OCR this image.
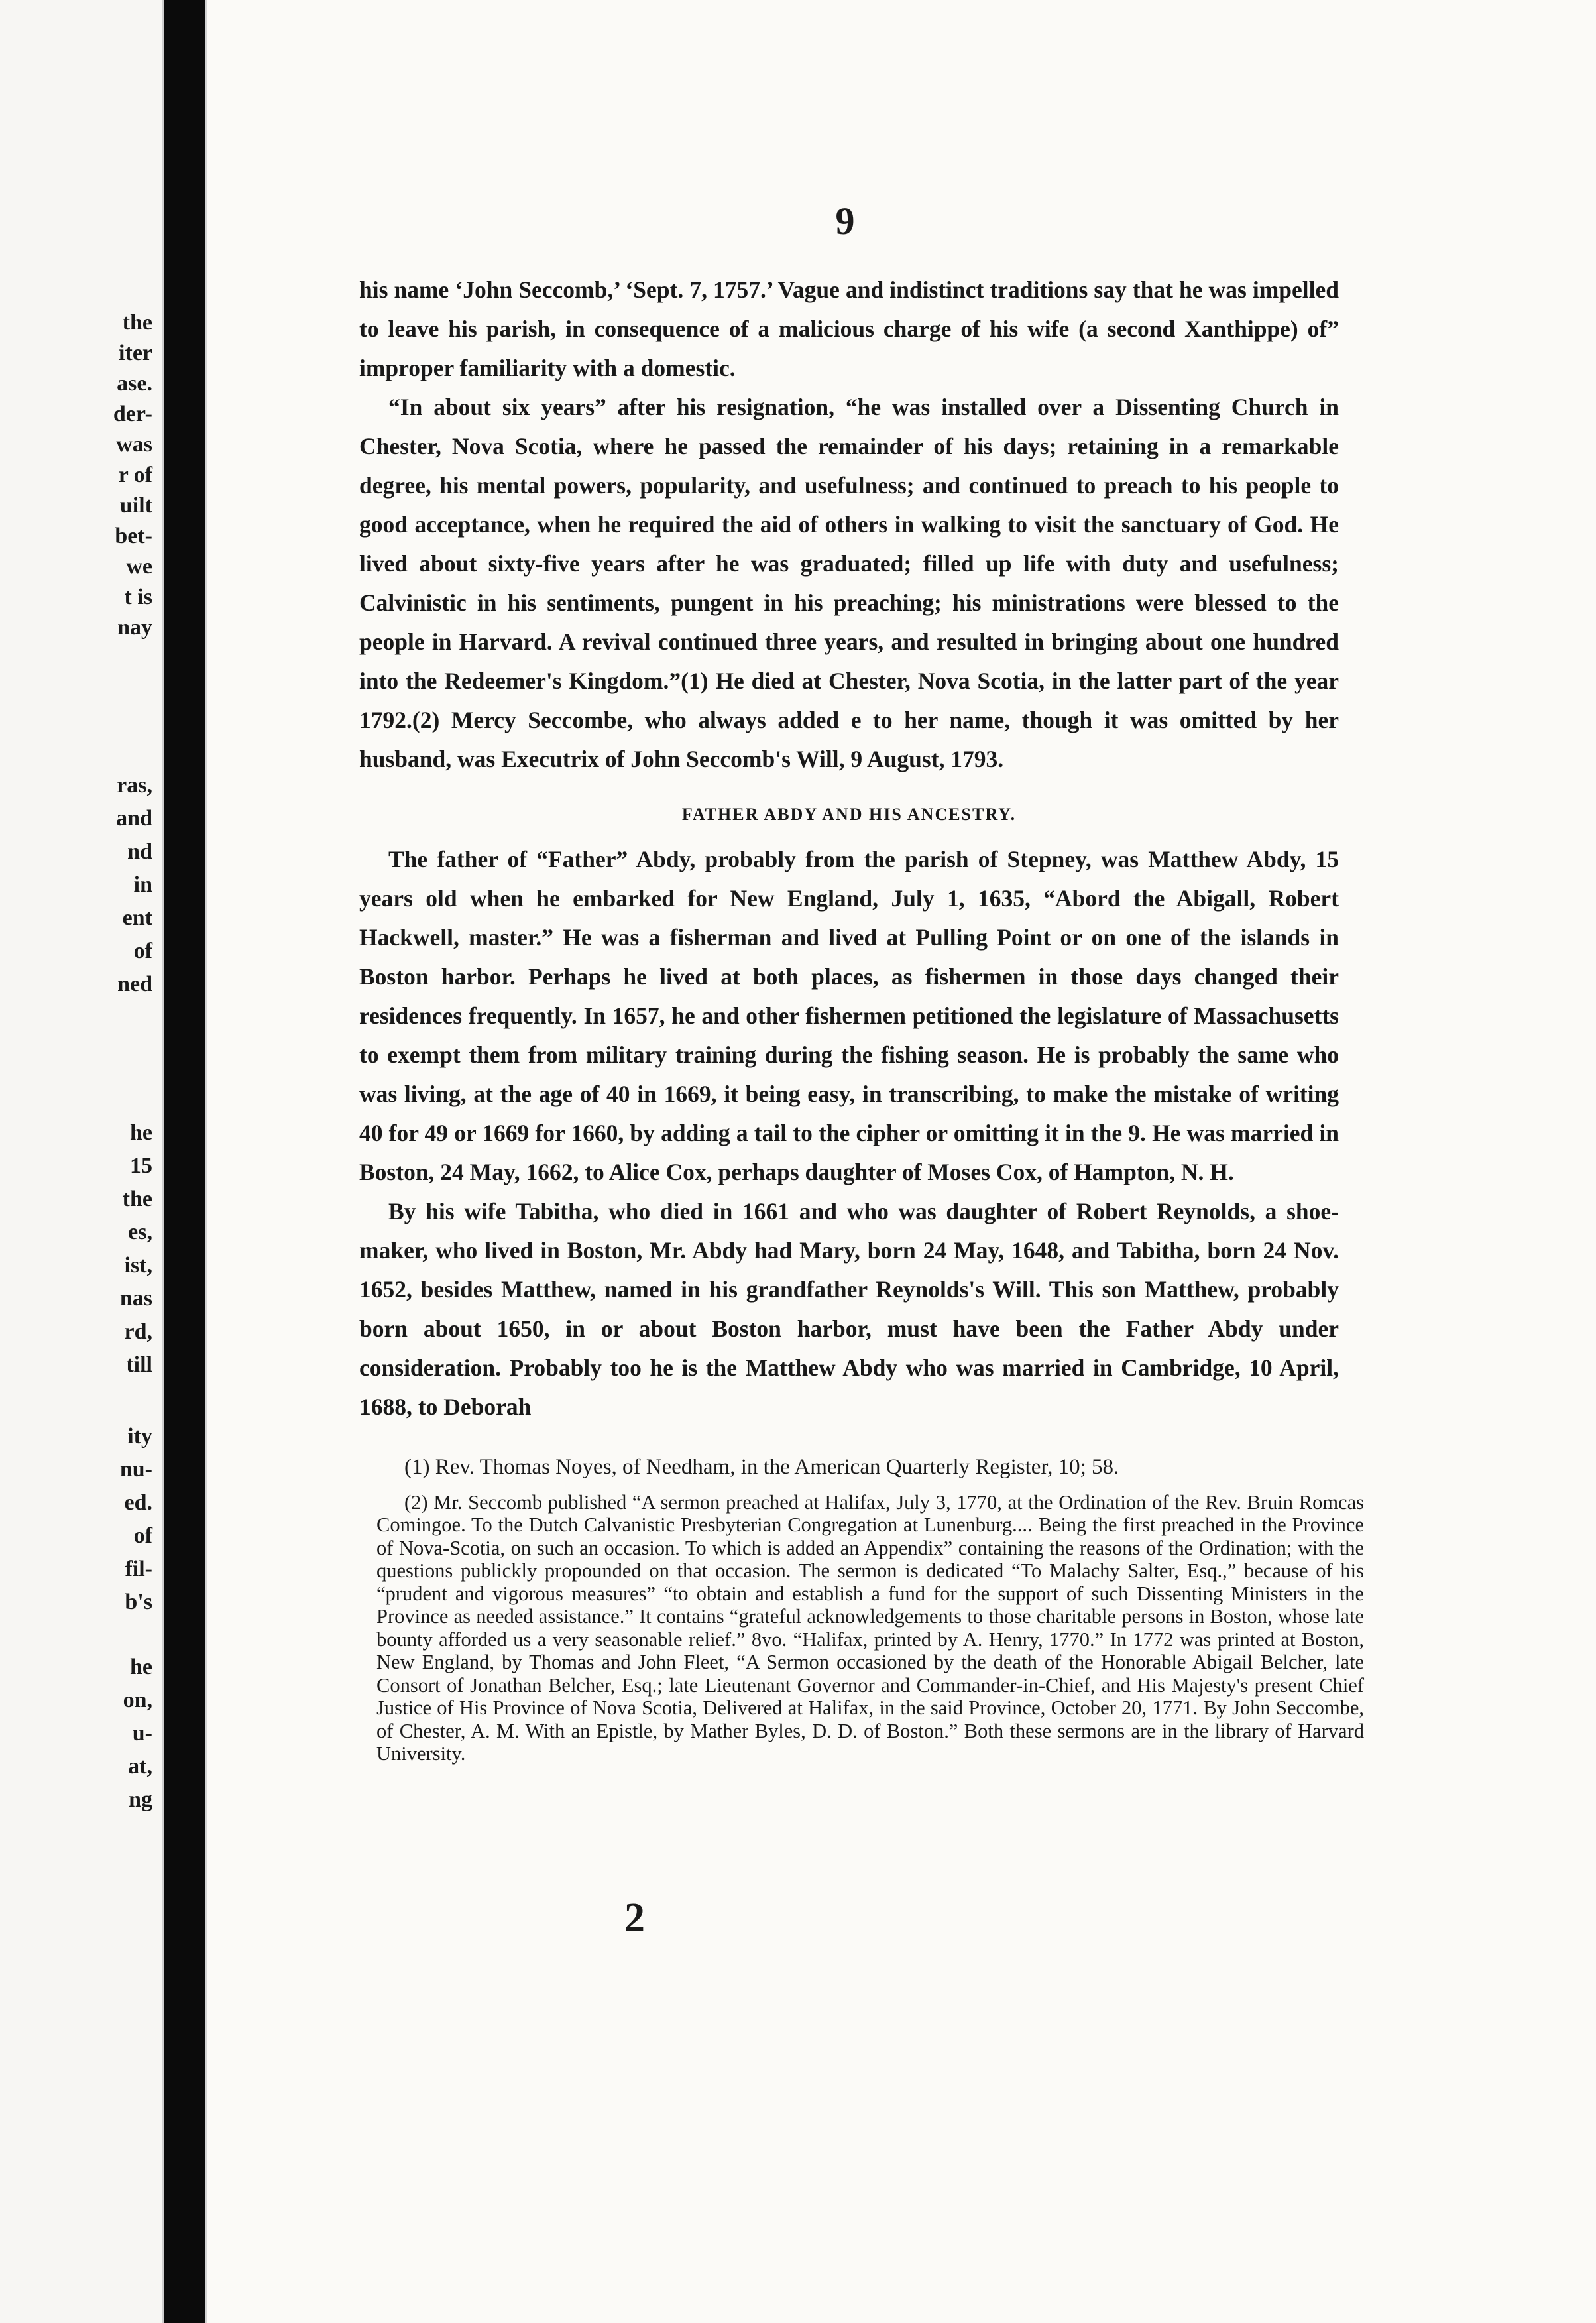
the
iter
ase.
der-
was
r of
uilt
bet-
we
t is
nay
ras,
and
nd
in
ent
of
ned
he
15
the
es,
ist,
nas
rd,
till
ity
nu-
ed.
of
fil-
b's
he
on,
u-
at,
ng
9

his name ‘John Seccomb,’ ‘Sept. 7, 1757.’ Vague and indistinct traditions say that he was impelled to leave his parish, in consequence of a malicious charge of his wife (a second Xanthippe) of” improper familiarity with a domestic.

“In about six years” after his resignation, “he was installed over a Dissenting Church in Chester, Nova Scotia, where he passed the remainder of his days; retaining in a remarkable degree, his mental powers, popularity, and usefulness; and continued to preach to his people to good acceptance, when he required the aid of others in walking to visit the sanctuary of God. He lived about sixty-five years after he was graduated; filled up life with duty and usefulness; Calvinistic in his sentiments, pungent in his preaching; his ministrations were blessed to the people in Harvard. A revival continued three years, and resulted in bringing about one hundred into the Redeemer's Kingdom.”(1) He died at Chester, Nova Scotia, in the latter part of the year 1792.(2) Mercy Seccombe, who always added e to her name, though it was omitted by her husband, was Executrix of John Seccomb's Will, 9 August, 1793.

FATHER ABDY AND HIS ANCESTRY.

The father of “Father” Abdy, probably from the parish of Stepney, was Matthew Abdy, 15 years old when he embarked for New England, July 1, 1635, “Abord the Abigall, Robert Hackwell, master.” He was a fisherman and lived at Pulling Point or on one of the islands in Boston harbor. Perhaps he lived at both places, as fishermen in those days changed their residences frequently. In 1657, he and other fishermen petitioned the legislature of Massachusetts to exempt them from military training during the fishing season. He is probably the same who was living, at the age of 40 in 1669, it being easy, in transcribing, to make the mistake of writing 40 for 49 or 1669 for 1660, by adding a tail to the cipher or omitting it in the 9. He was married in Boston, 24 May, 1662, to Alice Cox, perhaps daughter of Moses Cox, of Hampton, N. H.

By his wife Tabitha, who died in 1661 and who was daughter of Robert Reynolds, a shoe-maker, who lived in Boston, Mr. Abdy had Mary, born 24 May, 1648, and Tabitha, born 24 Nov. 1652, besides Matthew, named in his grandfather Reynolds's Will. This son Matthew, probably born about 1650, in or about Boston harbor, must have been the Father Abdy under consideration. Probably too he is the Matthew Abdy who was married in Cambridge, 10 April, 1688, to Deborah

(1) Rev. Thomas Noyes, of Needham, in the American Quarterly Register, 10; 58.

(2) Mr. Seccomb published “A sermon preached at Halifax, July 3, 1770, at the Ordination of the Rev. Bruin Romcas Comingoe. To the Dutch Calvanistic Presbyterian Congregation at Lunenburg.... Being the first preached in the Province of Nova-Scotia, on such an occasion. To which is added an Appendix” containing the reasons of the Ordination; with the questions publickly propounded on that occasion. The sermon is dedicated “To Malachy Salter, Esq.,” because of his “prudent and vigorous measures” “to obtain and establish a fund for the support of such Dissenting Ministers in the Province as needed assistance.” It contains “grateful acknowledgements to those charitable persons in Boston, whose late bounty afforded us a very seasonable relief.” 8vo. “Halifax, printed by A. Henry, 1770.” In 1772 was printed at Boston, New England, by Thomas and John Fleet, “A Sermon occasioned by the death of the Honorable Abigail Belcher, late Consort of Jonathan Belcher, Esq.; late Lieutenant Governor and Commander-in-Chief, and His Majesty's present Chief Justice of His Province of Nova Scotia, Delivered at Halifax, in the said Province, October 20, 1771. By John Seccombe, of Chester, A. M. With an Epistle, by Mather Byles, D. D. of Boston.” Both these sermons are in the library of Harvard University.

2
